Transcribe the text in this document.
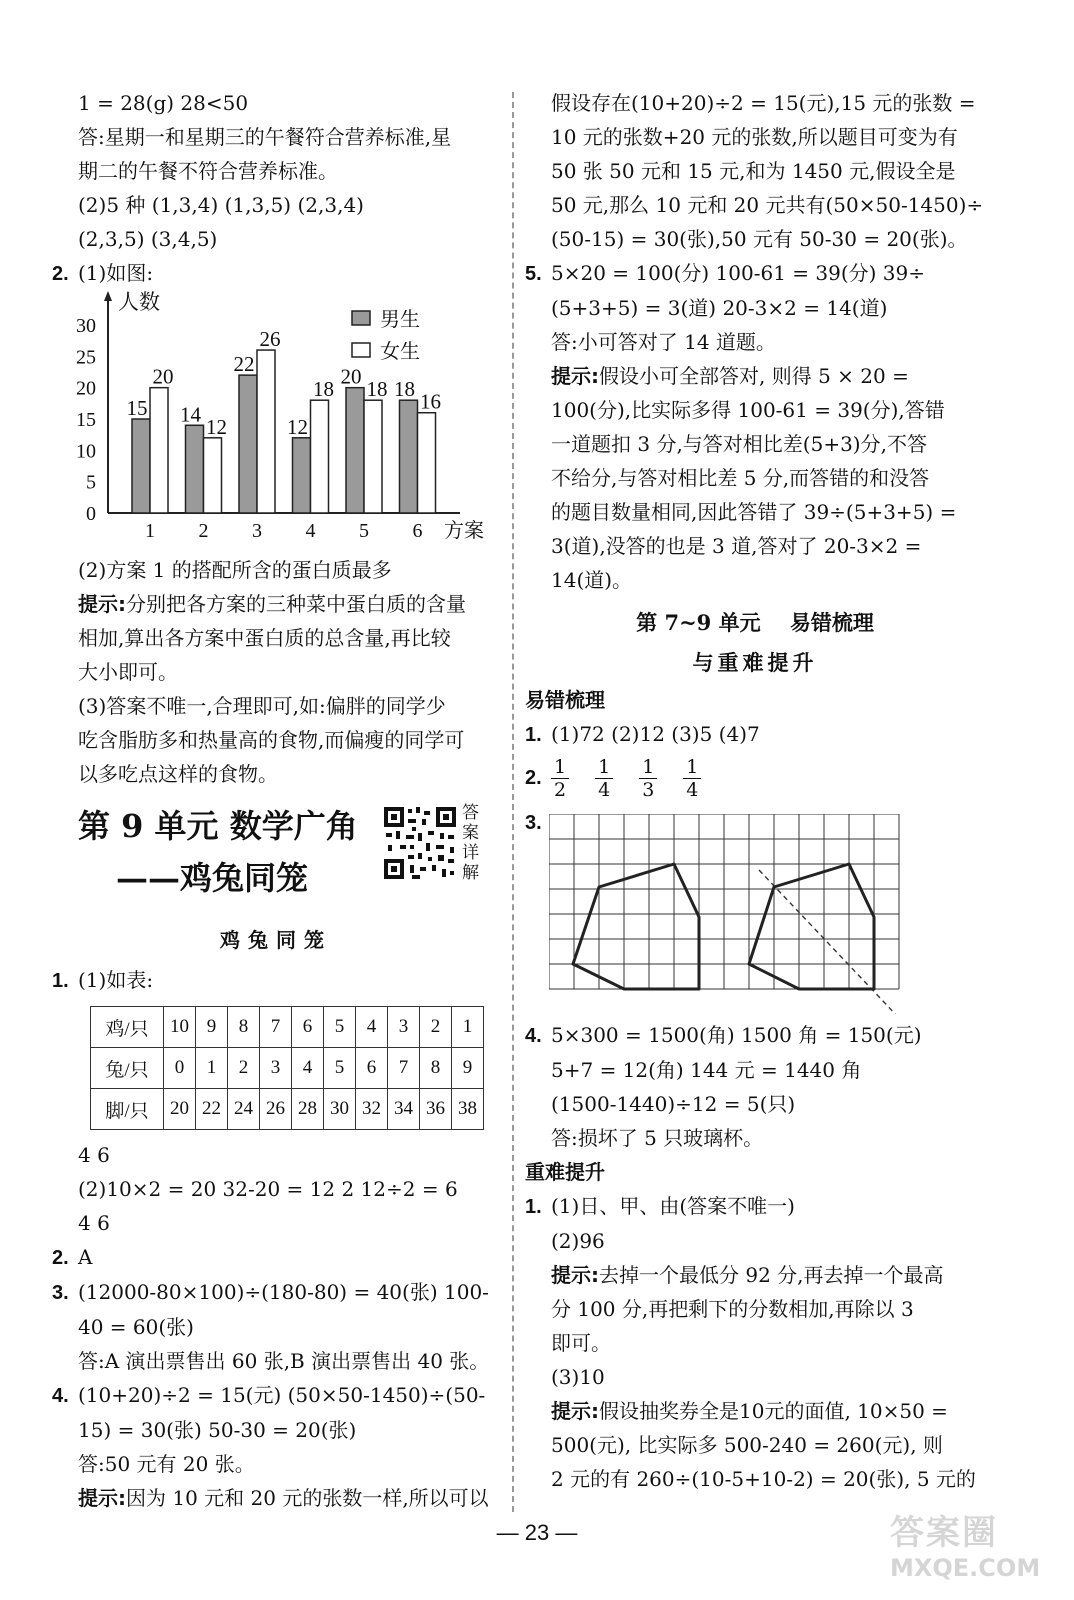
1 = 28(g) 28<50
答:星期一和星期三的午餐符合营养标准,星
期二的午餐不符合营养标准。
(2)5 种 (1,3,4) (1,3,5) (2,3,4)
(2,3,5) (3,4,5)
2. (1)如图:
0
5
10
15
20
25
30
人数
方案
男生
女生
15
20
1
14
12
2
22
26
3
12
18
4
20
18
5
18
16
6
(2)方案 1 的搭配所含的蛋白质最多
提示:分别把各方案的三种菜中蛋白质的含量
相加,算出各方案中蛋白质的总含量,再比较
大小即可。
(3)答案不唯一,合理即可,如:偏胖的同学少
吃含脂肪多和热量高的食物,而偏瘦的同学可
以多吃点这样的食物。
第 9 单元 数学广角
——鸡兔同笼
答案详解
鸡兔同笼
1. (1)如表:
鸡/只	10	9	8	7	6	5	4	3	2	1
兔/只	0	1	2	3	4	5	6	7	8	9
脚/只	20	22	24	26	28	30	32	34	36	38
4 6
(2)10×2 = 20 32-20 = 12 2 12÷2 = 6
4 6
2. A
3. (12000-80×100)÷(180-80) = 40(张) 100-
40 = 60(张)
答:A 演出票售出 60 张,B 演出票售出 40 张。
4. (10+20)÷2 = 15(元) (50×50-1450)÷(50-
15) = 30(张) 50-30 = 20(张)
答:50 元有 20 张。
提示:因为 10 元和 20 元的张数一样,所以可以
假设存在(10+20)÷2 = 15(元),15 元的张数 =
10 元的张数+20 元的张数,所以题目可变为有
50 张 50 元和 15 元,和为 1450 元,假设全是
50 元,那么 10 元和 20 元共有(50×50-1450)÷
(50-15) = 30(张),50 元有 50-30 = 20(张)。
5. 5×20 = 100(分) 100-61 = 39(分) 39÷
(5+3+5) = 3(道) 20-3×2 = 14(道)
答:小可答对了 14 道题。
提示:假设小可全部答对, 则得 5 × 20 =
100(分),比实际多得 100-61 = 39(分),答错
一道题扣 3 分,与答对相比差(5+3)分,不答
不给分,与答对相比差 5 分,而答错的和没答
的题目数量相同,因此答错了 39÷(5+3+5) =
3(道),没答的也是 3 道,答对了 20-3×2 =
14(道)。
第 7~9 单元    易错梳理
与重难提升
易错梳理
1. (1)72 (2)12 (3)5 (4)7
2. $\frac{1}{2} \frac{1}{4} \frac{1}{3} \frac{1}{4}$
3.
4. 5×300 = 1500(角) 1500 角 = 150(元)
5+7 = 12(角) 144 元 = 1440 角
(1500-1440)÷12 = 5(只)
答:损坏了 5 只玻璃杯。
重难提升
1. (1)日、甲、由(答案不唯一)
(2)96
提示:去掉一个最低分 92 分,再去掉一个最高
分 100 分,再把剩下的分数相加,再除以 3
即可。
(3)10
提示:假设抽奖券全是10元的面值, 10×50 =
500(元), 比实际多 500-240 = 260(元), 则
2 元的有 260÷(10-5+10-2) = 20(张), 5 元的
— 23 —	答案圈
MXQE.COM
